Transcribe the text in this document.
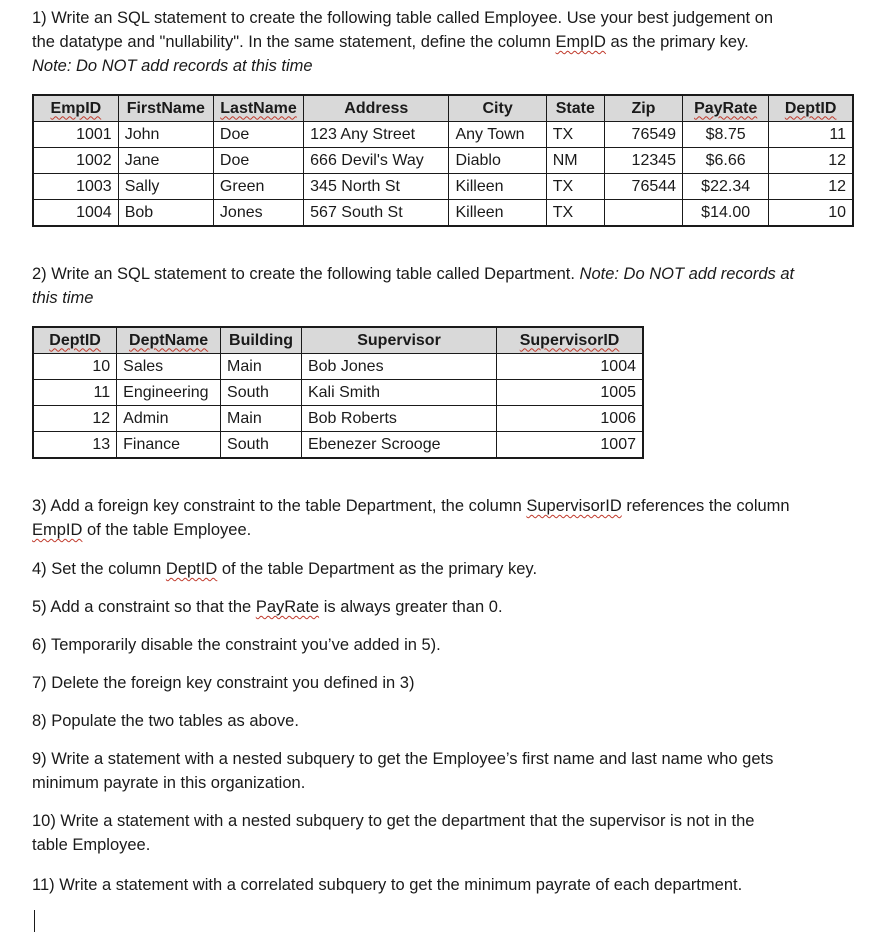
1) Write an SQL statement to create the following table called Employee. Use your best judgement on
the datatype and "nullability". In the same statement, define the column EmpID as the primary key.
Note: Do NOT add records at this time
EmpID	FirstName	LastName	Address	City	State	Zip	PayRate	DeptID
1001	John	Doe	123 Any Street	Any Town	TX	76549	$8.75	11
1002	Jane	Doe	666 Devil's Way	Diablo	NM	12345	$6.66	12
1003	Sally	Green	345 North St	Killeen	TX	76544	$22.34	12
1004	Bob	Jones	567 South St	Killeen	TX		$14.00	10
2) Write an SQL statement to create the following table called Department. Note: Do NOT add records at
this time
DeptID	DeptName	Building	Supervisor	SupervisorID
10	Sales	Main	Bob Jones	1004
11	Engineering	South	Kali Smith	1005
12	Admin	Main	Bob Roberts	1006
13	Finance	South	Ebenezer Scrooge	1007
3) Add a foreign key constraint to the table Department, the column SupervisorID references the column
EmpID of the table Employee.
4) Set the column DeptID of the table Department as the primary key.
5) Add a constraint so that the PayRate is always greater than 0.
6) Temporarily disable the constraint you’ve added in 5).
7) Delete the foreign key constraint you defined in 3)
8) Populate the two tables as above.
9) Write a statement with a nested subquery to get the Employee’s first name and last name who gets
minimum payrate in this organization.
10) Write a statement with a nested subquery to get the department that the supervisor is not in the
table Employee.
11) Write a statement with a correlated subquery to get the minimum payrate of each department.
